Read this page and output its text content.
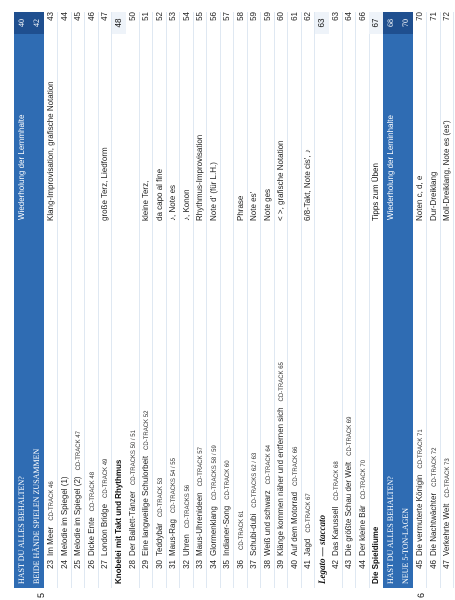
5	6
HAST DU ALLES BEHALTEN?
Wiederholung der Lernmhalte
40
BEIDE HÄNDE SPIELEN ZUSAMMEN
42
23
Im MeerCD-TRACK 46
Klang-Improvisation, grafische Notation
43
24
Melodie im Spiegel (1)
44
25
Melodie im Spiegel (2)CD-TRACK 47
45
26
Dicke EnteCD-TRACK 48
46
27
London BridgeCD-TRACK 49
große Terz, Liedform
47
Knobelei mit Takt und Rhythmus
48
28
Der Ballett-TänzerCD-TRACKS 50 / 51
50
29
Eine langweilige SchulorbeitCD-TRACK 52
kleine Terz,
51
30
TeddybärCD-TRACK 53
da capo al fine
52
31
Maus-RagCD-TRACKS 54 / 55
♪, Note es
53
32
UhrenCD-TRACKS 56
♪, Konon
54
33
Maus-UhrenideenCD-TRACK 57
Rhythmus-Improvisation
55
34
GlormenklangCD-TRACKS 58 / 59
Note d' (für L.H.)
56
35
Indianer-SongCD-TRACK 60
57
36
CD-TRACK 61
Phrase
58
37
Schubi-dubiCD-TRACKS 62 / 63
Note es'
59
38
Weiß und schwarzCD-TRACK 64
Note ges
59
39
Klänge kommen näher und entfernen sichCD-TRACK 65
< >, grafische Notation
60
40
Auf dem MotorradCD-TRACK 66
61
41
JagdCD-TRACK 67
6/8-Takt, Note cis', ♪
62
Legato — staccato
63
42
Das KarussellCD-TRACK 68
63
43
Die größte Schau der WeltCD-TRACK 69
64
44
Der kleine BärCD-TRACK 70
66
Die Spieldiume
Tipps zum Üben
67
HAST DU ALLES BEHALTEN?
Wiederholung der Lerninhalte
68
NEUE 5-TON-LAGEN
70
45
Die vermuterte KöniginCD-TRACK 71
Noten c, d, e
70
46
Die NachtwächterCD-TRACK 72
Dur-Dreiklang
71
47
Verkehrte WeltCD-TRACK 73
Moll-Dreiklang, Note es (es')
72
